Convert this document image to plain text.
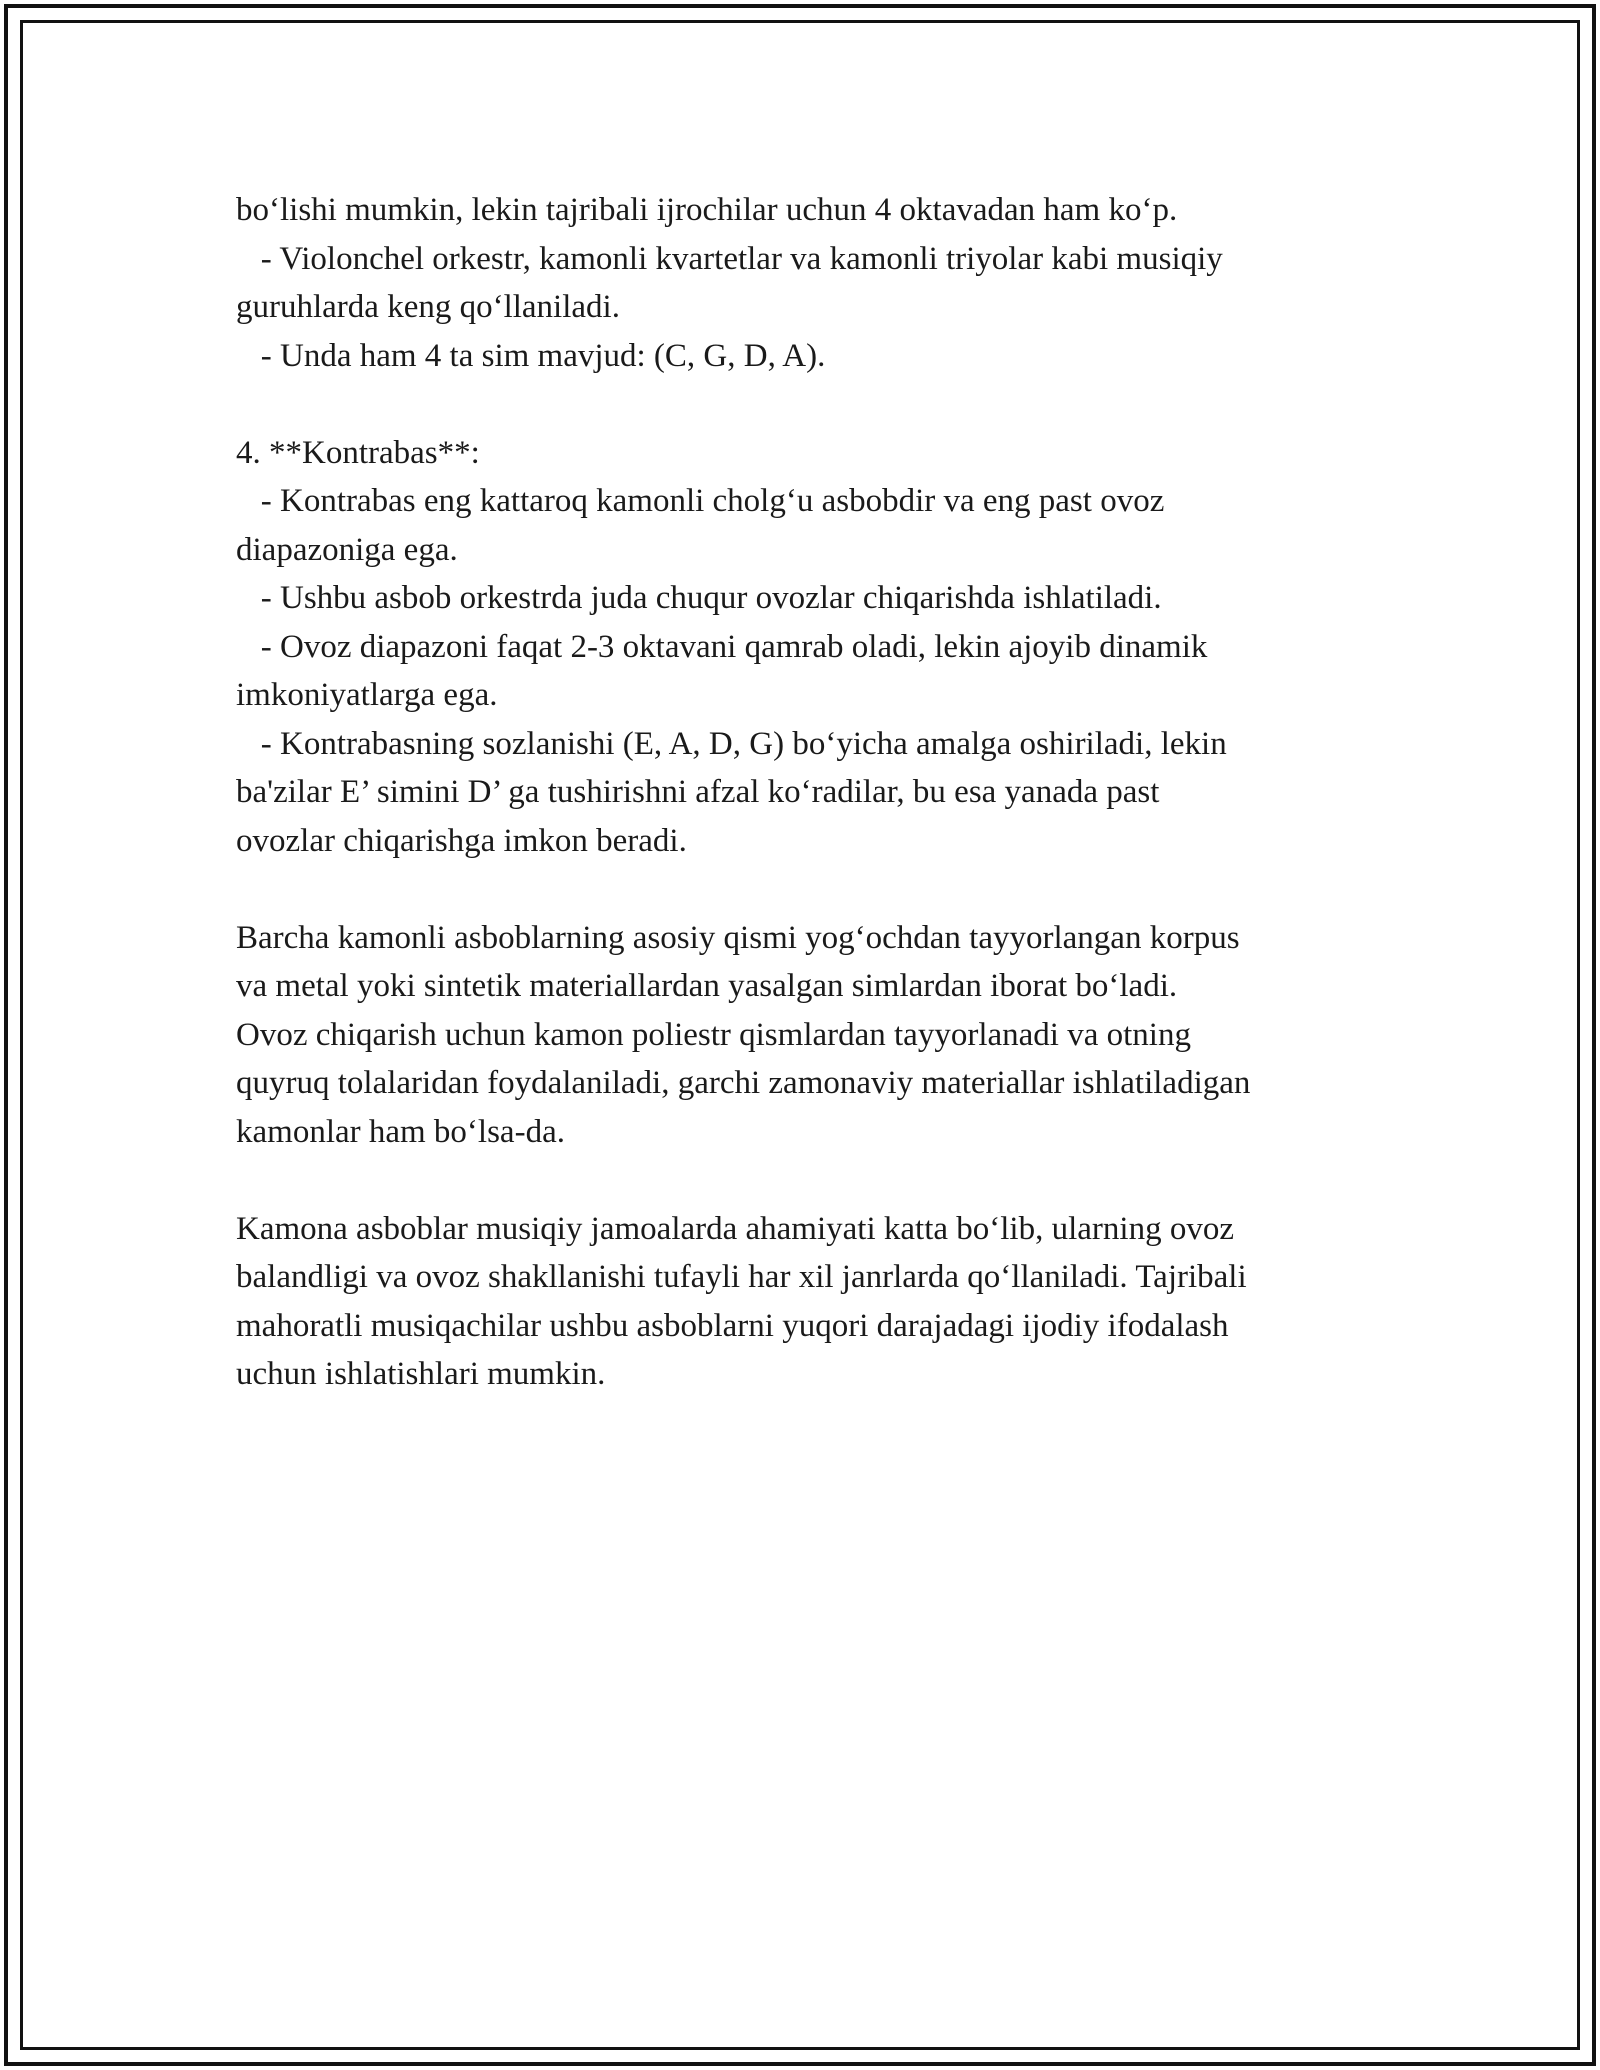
bo‘lishi mumkin, lekin tajribali ijrochilar uchun 4 oktavadan ham ko‘p.
- Violonchel orkestr, kamonli kvartetlar va kamonli triyolar kabi musiqiy
guruhlarda keng qo‘llaniladi.
- Unda ham 4 ta sim mavjud: (C, G, D, A).
4. **Kontrabas**:
- Kontrabas eng kattaroq kamonli cholg‘u asbobdir va eng past ovoz
diapazoniga ega.
- Ushbu asbob orkestrda juda chuqur ovozlar chiqarishda ishlatiladi.
- Ovoz diapazoni faqat 2-3 oktavani qamrab oladi, lekin ajoyib dinamik
imkoniyatlarga ega.
- Kontrabasning sozlanishi (E, A, D, G) bo‘yicha amalga oshiriladi, lekin
ba'zilar E’ simini D’ ga tushirishni afzal ko‘radilar, bu esa yanada past
ovozlar chiqarishga imkon beradi.
Barcha kamonli asboblarning asosiy qismi yog‘ochdan tayyorlangan korpus
va metal yoki sintetik materiallardan yasalgan simlardan iborat bo‘ladi.
Ovoz chiqarish uchun kamon poliestr qismlardan tayyorlanadi va otning
quyruq tolalaridan foydalaniladi, garchi zamonaviy materiallar ishlatiladigan
kamonlar ham bo‘lsa-da.
Kamona asboblar musiqiy jamoalarda ahamiyati katta bo‘lib, ularning ovoz
balandligi va ovoz shakllanishi tufayli har xil janrlarda qo‘llaniladi. Tajribali
mahoratli musiqachilar ushbu asboblarni yuqori darajadagi ijodiy ifodalash
uchun ishlatishlari mumkin.
